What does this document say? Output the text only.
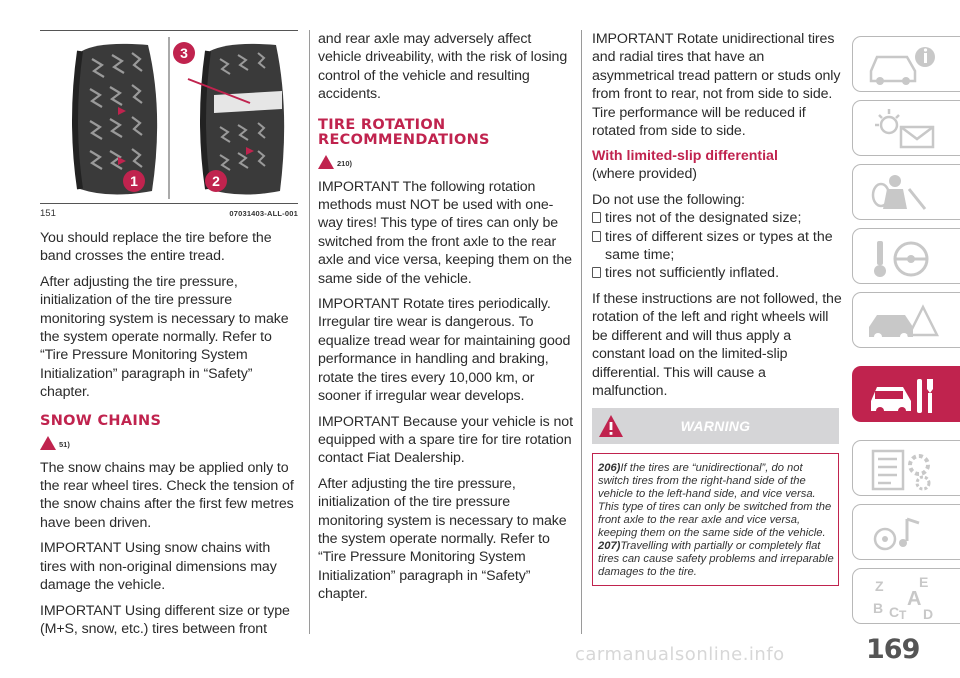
1	2
3
151	07031403-ALL-001

You should replace the tire before the band crosses the entire tread.

After adjusting the tire pressure, initialization of the tire pressure monitoring system is necessary to make the system operate normally. Refer to “Tire Pressure Monitoring System Initialization” paragraph in “Safety” chapter.

SNOW CHAINS
51)

The snow chains may be applied only to the rear wheel tires. Check the tension of the snow chains after the first few metres have been driven.

IMPORTANT Using snow chains with tires with non-original dimensions may damage the vehicle.

IMPORTANT Using different size or type (M+S, snow, etc.) tires between front

and rear axle may adversely affect vehicle driveability, with the risk of losing control of the vehicle and resulting accidents.

TIRE ROTATION
RECOMMENDATIONS
210)

IMPORTANT The following rotation methods must NOT be used with one-way tires! This type of tires can only be switched from the front axle to the rear axle and vice versa, keeping them on the same side of the vehicle.

IMPORTANT Rotate tires periodically. Irregular tire wear is dangerous. To equalize tread wear for maintaining good performance in handling and braking, rotate the tires every 10,000 km, or sooner if irregular wear develops.

IMPORTANT Because your vehicle is not equipped with a spare tire for tire rotation contact Fiat Dealership.

After adjusting the tire pressure, initialization of the tire pressure monitoring system is necessary to make the system operate normally. Refer to “Tire Pressure Monitoring System Initialization” paragraph in “Safety” chapter.

IMPORTANT Rotate unidirectional tires and radial tires that have an asymmetrical tread pattern or studs only from front to rear, not from side to side. Tire performance will be reduced if rotated from side to side.

With limited-slip differential

(where provided)

Do not use the following:

tires not of the designated size;
tires of different sizes or types at the same time;
tires not sufficiently inflated.

If these instructions are not followed, the rotation of the left and right wheels will be different and will thus apply a constant load on the limited-slip differential. This will cause a malfunction.

WARNING
206)If the tires are “unidirectional”, do not switch tires from the right-hand side of the vehicle to the left-hand side, and vice versa. This type of tires can only be switched from the front axle to the rear axle and vice versa, keeping them on the same side of the vehicle.
207)Travelling with partially or completely flat tires can cause safety problems and irreparable damages to the tire.
Z	E
A
B C T D
169
carmanualsonline.info
